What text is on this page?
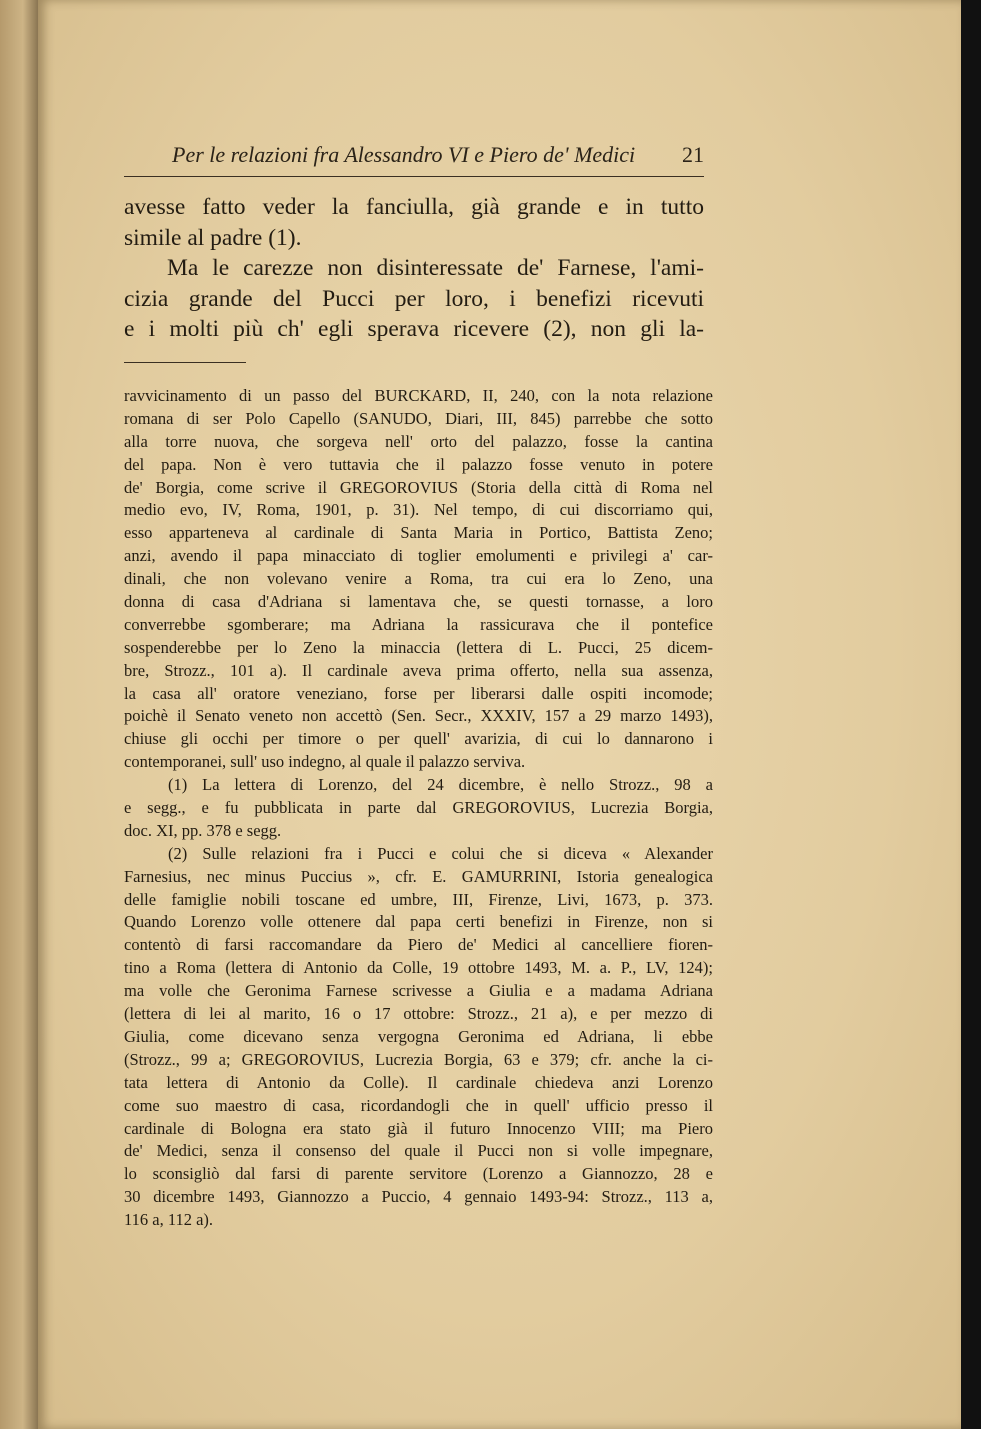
Per le relazioni fra Alessandro VI e Piero de' Medici 21
avesse fatto veder la fanciulla, già grande e in tutto
simile al padre (1).
Ma le carezze non disinteressate de' Farnese, l'ami-
cizia grande del Pucci per loro, i benefizi ricevuti
e i molti più ch' egli sperava ricevere (2), non gli la-
ravvicinamento di un passo del BURCKARD, II, 240, con la nota relazione
romana di ser Polo Capello (SANUDO, Diari, III, 845) parrebbe che sotto
alla torre nuova, che sorgeva nell' orto del palazzo, fosse la cantina
del papa. Non è vero tuttavia che il palazzo fosse venuto in potere
de' Borgia, come scrive il GREGOROVIUS (Storia della città di Roma nel
medio evo, IV, Roma, 1901, p. 31). Nel tempo, di cui discorriamo qui,
esso apparteneva al cardinale di Santa Maria in Portico, Battista Zeno;
anzi, avendo il papa minacciato di toglier emolumenti e privilegi a' car-
dinali, che non volevano venire a Roma, tra cui era lo Zeno, una
donna di casa d'Adriana si lamentava che, se questi tornasse, a loro
converrebbe sgomberare; ma Adriana la rassicurava che il pontefice
sospenderebbe per lo Zeno la minaccia (lettera di L. Pucci, 25 dicem-
bre, Strozz., 101 a). Il cardinale aveva prima offerto, nella sua assenza,
la casa all' oratore veneziano, forse per liberarsi dalle ospiti incomode;
poichè il Senato veneto non accettò (Sen. Secr., XXXIV, 157 a 29 marzo 1493),
chiuse gli occhi per timore o per quell' avarizia, di cui lo dannarono i
contemporanei, sull' uso indegno, al quale il palazzo serviva.
(1) La lettera di Lorenzo, del 24 dicembre, è nello Strozz., 98 a
e segg., e fu pubblicata in parte dal GREGOROVIUS, Lucrezia Borgia,
doc. XI, pp. 378 e segg.
(2) Sulle relazioni fra i Pucci e colui che si diceva « Alexander
Farnesius, nec minus Puccius », cfr. E. GAMURRINI, Istoria genealogica
delle famiglie nobili toscane ed umbre, III, Firenze, Livi, 1673, p. 373.
Quando Lorenzo volle ottenere dal papa certi benefizi in Firenze, non si
contentò di farsi raccomandare da Piero de' Medici al cancelliere fioren-
tino a Roma (lettera di Antonio da Colle, 19 ottobre 1493, M. a. P., LV, 124);
ma volle che Geronima Farnese scrivesse a Giulia e a madama Adriana
(lettera di lei al marito, 16 o 17 ottobre: Strozz., 21 a), e per mezzo di
Giulia, come dicevano senza vergogna Geronima ed Adriana, li ebbe
(Strozz., 99 a; GREGOROVIUS, Lucrezia Borgia, 63 e 379; cfr. anche la ci-
tata lettera di Antonio da Colle). Il cardinale chiedeva anzi Lorenzo
come suo maestro di casa, ricordandogli che in quell' ufficio presso il
cardinale di Bologna era stato già il futuro Innocenzo VIII; ma Piero
de' Medici, senza il consenso del quale il Pucci non si volle impegnare,
lo sconsigliò dal farsi di parente servitore (Lorenzo a Giannozzo, 28 e
30 dicembre 1493, Giannozzo a Puccio, 4 gennaio 1493-94: Strozz., 113 a,
116 a, 112 a).
